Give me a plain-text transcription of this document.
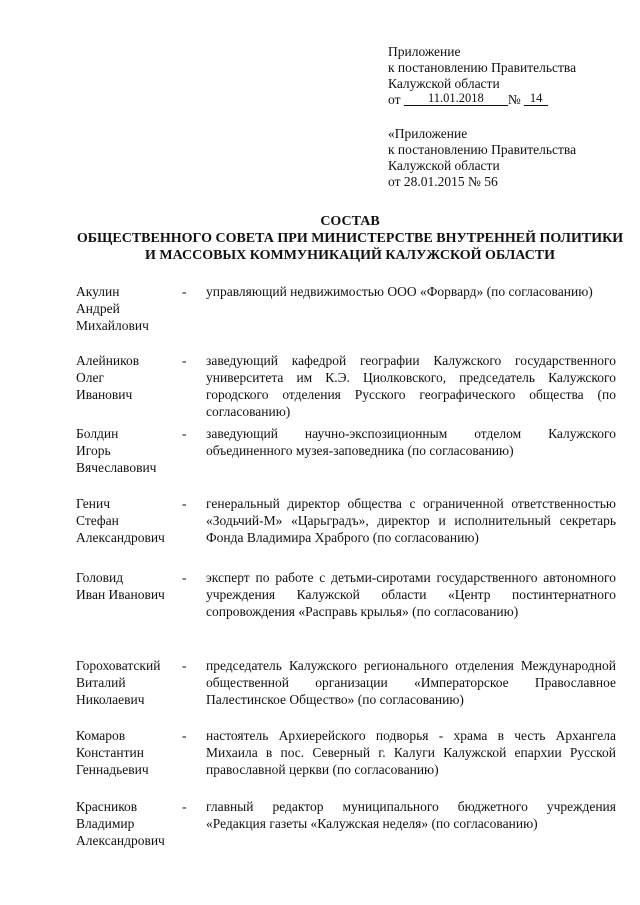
Приложение
к постановлению Правительства
Калужской области
от 11.01.2018 № 14
«Приложение
к постановлению Правительства
Калужской области
от 28.01.2015 № 56
СОСТАВ
ОБЩЕСТВЕННОГО СОВЕТА ПРИ МИНИСТЕРСТВЕ ВНУТРЕННЕЙ ПОЛИТИКИ
И МАССОВЫХ КОММУНИКАЦИЙ КАЛУЖСКОЙ ОБЛАСТИ
Акулин
Андрей
Михайлович
- управляющий недвижимостью ООО «Форвард» (по согласованию)
Алейников
Олег
Иванович
- заведующий кафедрой географии Калужского государственного университета им К.Э. Циолковского, председатель Калужского городского отделения Русского географического общества (по согласованию)
Болдин
Игорь
Вячеславович
- заведующий научно-экспозиционным отделом Калужского объединенного музея-заповедника (по согласованию)
Генич
Стефан
Александрович
- генеральный директор общества с ограниченной ответственностью «Зодьчий-М» «Царьградъ», директор и исполнительный секретарь Фонда Владимира Храброго (по согласованию)
Головид
Иван Иванович
- эксперт по работе с детьми-сиротами государственного автономного учреждения Калужской области «Центр постинтернатного сопровождения «Расправь крылья» (по согласованию)
Гороховатский
Виталий
Николаевич
- председатель Калужского регионального отделения Международной общественной организации «Императорское Православное Палестинское Общество» (по согласованию)
Комаров
Константин
Геннадьевич
- настоятель Архиерейского подворья - храма в честь Архангела Михаила в пос. Северный г. Калуги Калужской епархии Русской православной церкви (по согласованию)
Красников
Владимир
Александрович
- главный редактор муниципального бюджетного учреждения «Редакция газеты «Калужская неделя» (по согласованию)
